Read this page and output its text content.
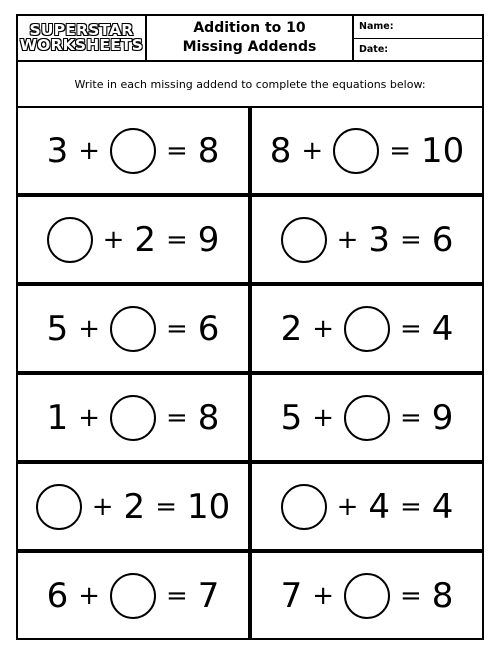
SUPERSTAR
WORKSHEETS
Addition to 10
Missing Addends
Name:
Date:
Write in each missing addend to complete the equations below:
3 +	= 8 8 +	= 10
+ 2 = 9	+ 3 = 6
5 +	= 6 2 +	= 4
1 +	= 8 5 +	= 9
+ 2 = 10	+ 4 = 4
6 +	= 7 7 +	= 8
